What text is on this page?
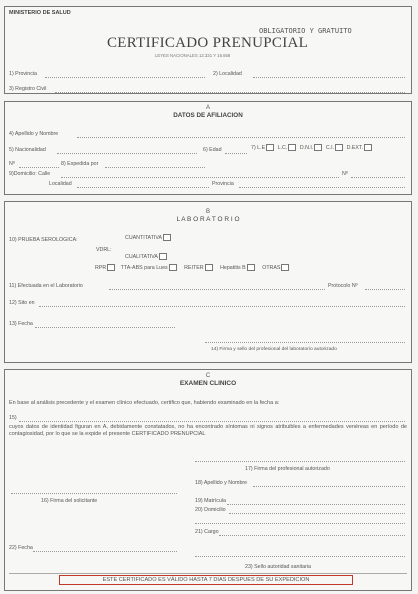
MINISTERIO DE SALUD
OBLIGATORIO Y GRATUITO
CERTIFICADO PRENUPCIAL
LEYES NACIONALES 12.331 Y 16.668
1) Provincia	2) Localidad
3) Registro Civil
A
DATOS DE AFILIACION
4) Apellido y Nombre
5) Nacionalidad	6) Edad	7) L.E L.C. D.N.I. C.I. D.EXT.
Nº	8) Expedida por
9)Domicilio: Calle	Nº
Localidad	Provincia
B
L A B O R A T O R I O
10) PRUEBA SEROLOGICA:	CUANTITATIVA
VDRL:
CUALITATIVA
RPR	TTA-ABS para Lues	REITER	Hepatitis B	OTRAS
11) Efectuada en el Laboratorio	Protocolo Nº
12) Sito en
13) Fecha
14) Firma y sello del profesional del laboratorio autorizado
C
EXAMEN CLINICO
En base al análisis precedente y el examen clínico efectuado, certifico que, habiendo examinado en la fecha a:
15)
cuyos datos de identidad figuran en A, debidamente constatados, no ha encontrado síntomas ni signos atribuibles a enfermedades venéreas en período de contagiosidad, por lo que se la expide el presente CERTIFICADO PRENUPCIAL
17) Firma del profesional autorizado
18) Apellido y Nombre
16) Firma del solicitante	19) Matrícula
20) Domicilio
21) Cargo
22) Fecha
23) Sello autoridad sanitaria
ESTE CERTIFICADO ES VÁLIDO HASTA 7 DIAS DESPUES DE SU EXPEDICION
